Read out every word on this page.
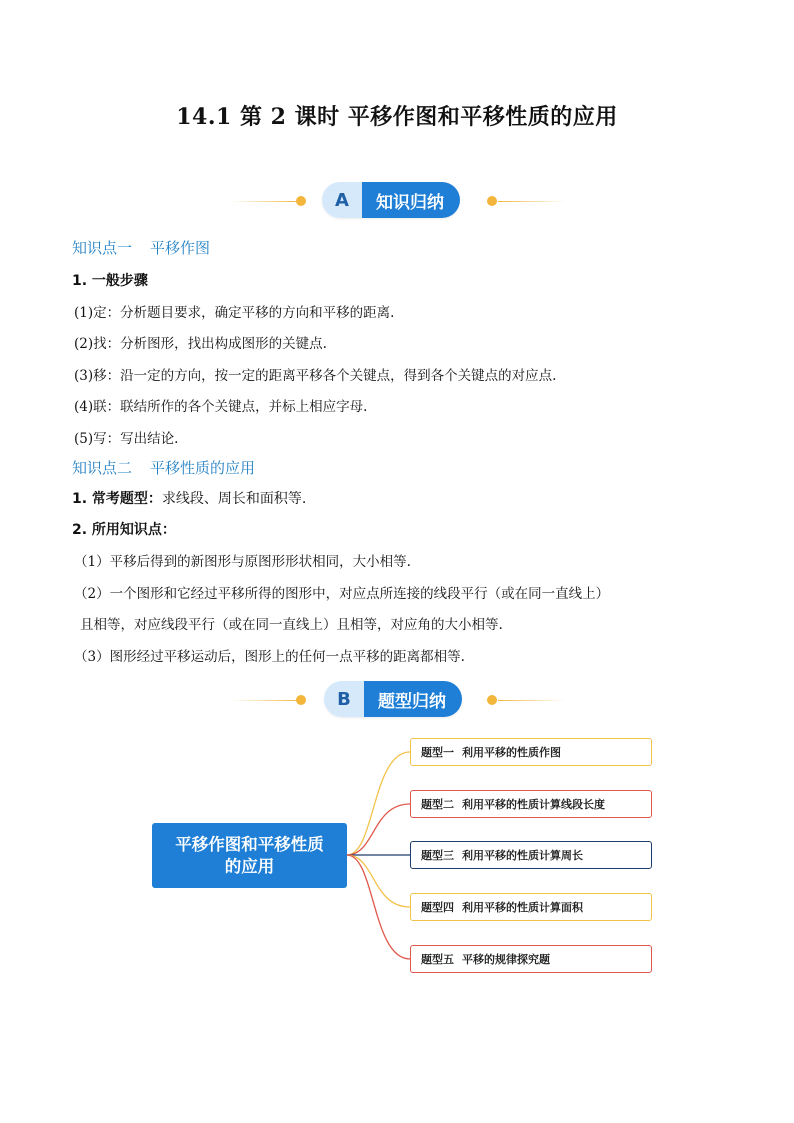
14.1 第 2 课时 平移作图和平移性质的应用
A	知识归纳
知识点一 平移作图
1. 一般步骤
(1)定：分析题目要求，确定平移的方向和平移的距离.
(2)找：分析图形，找出构成图形的关键点.
(3)移：沿一定的方向，按一定的距离平移各个关键点，得到各个关键点的对应点.
(4)联：联结所作的各个关键点，并标上相应字母.
(5)写：写出结论.
知识点二 平移性质的应用
1. 常考题型：求线段、周长和面积等.
2. 所用知识点：
（1）平移后得到的新图形与原图形形状相同，大小相等.
（2）一个图形和它经过平移所得的图形中，对应点所连接的线段平行（或在同一直线上）
且相等，对应线段平行（或在同一直线上）且相等，对应角的大小相等.
（3）图形经过平移运动后，图形上的任何一点平移的距离都相等.
B	题型归纳
平移作图和平移性质
的应用
题型一 利用平移的性质作图
题型二 利用平移的性质计算线段长度
题型三 利用平移的性质计算周长
题型四 利用平移的性质计算面积
题型五 平移的规律探究题
